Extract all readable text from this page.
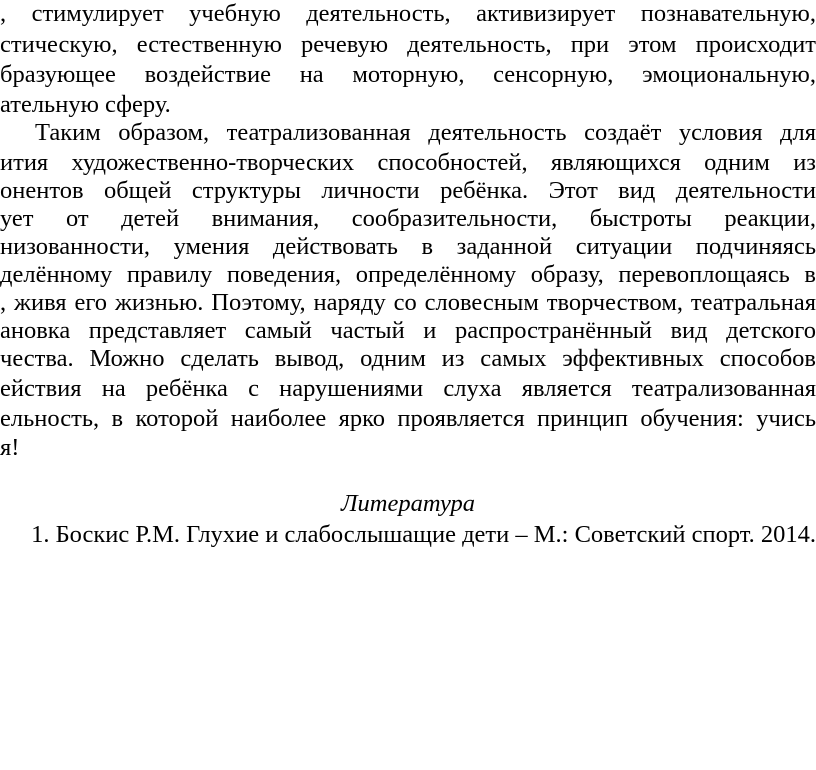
, стимулирует учебную деятельность, активизирует познавательную,

стическую, естественную речевую деятельность, при этом происходит

бразующее воздействие на моторную, сенсорную, эмоциональную,

ательную сферу.

Таким образом, театрализованная деятельность создаёт условия для

ития художественно-творческих способностей, являющихся одним из

онентов общей структуры личности ребёнка. Этот вид деятельности

ует от детей внимания, сообразительности, быстроты реакции,

низованности, умения действовать в заданной ситуации подчиняясь

делённому правилу поведения, определённому образу, перевоплощаясь в

, живя его жизнью. Поэтому, наряду со словесным творчеством, театральная

ановка представляет самый частый и распространённый вид детского

чества. Можно сделать вывод, одним из самых эффективных способов

ействия на ребёнка с нарушениями слуха является театрализованная

ельность, в которой наиболее ярко проявляется принцип обучения: учись

я!

Литература

1. Боскис Р.М. Глухие и слабослышащие дети – М.: Советский спорт. 2014.
